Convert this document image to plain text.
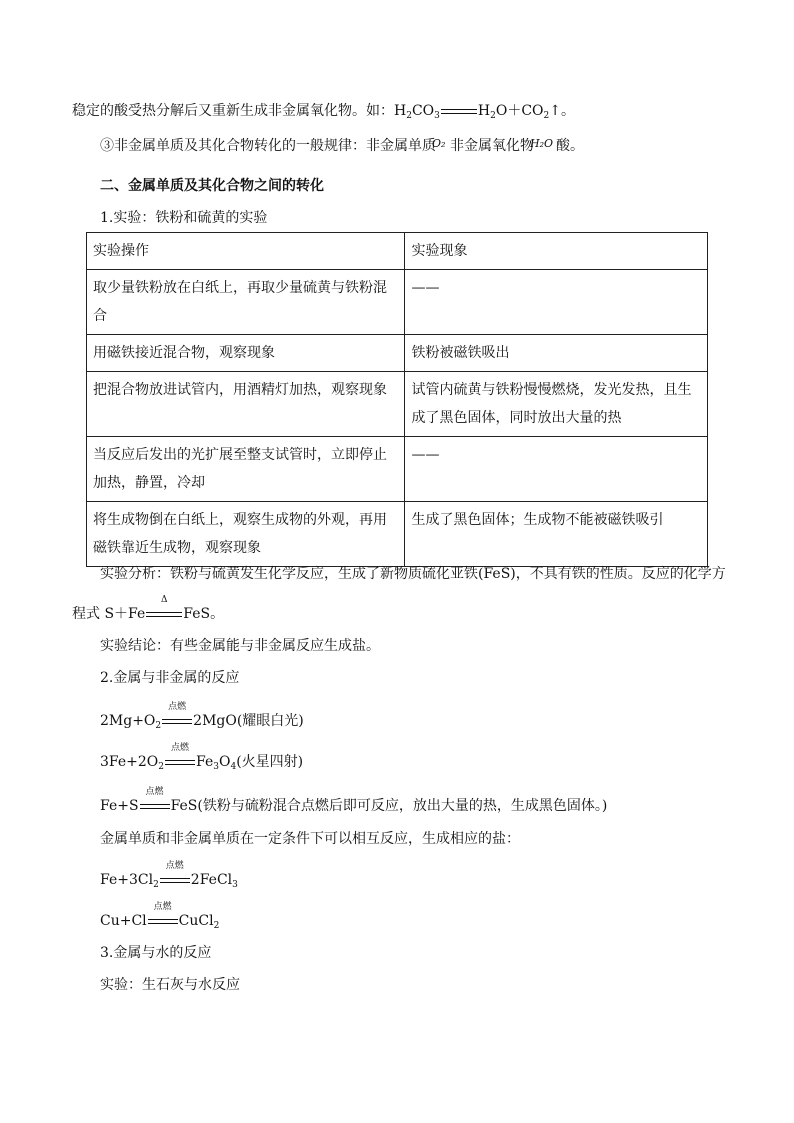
稳定的酸受热分解后又重新生成非金属氧化物。如：$H_2CO_3$	$H_2O+CO_2↑$。
③非金属单质及其化合物转化的一般规律：非金属单质
O₂ 非金属氧化物
H₂O 酸。
二、金属单质及其化合物之间的转化
1.实验：铁粉和硫黄的实验
实验操作	实验现象
取少量铁粉放在白纸上，再取少量硫黄与铁粉混合	——
用磁铁接近混合物，观察现象	铁粉被磁铁吸出
把混合物放进试管内，用酒精灯加热，观察现象	试管内硫黄与铁粉慢慢燃烧，发光发热，且生成了黑色固体，同时放出大量的热
当反应后发出的光扩展至整支试管时，立即停止加热，静置，冷却	——
将生成物倒在白纸上，观察生成物的外观，再用磁铁靠近生成物，观察现象	生成了黑色固体；生成物不能被磁铁吸引
实验分析：铁粉与硫黄发生化学反应，生成了新物质硫化亚铁(FeS)，不具有铁的性质。反应的化学方
程式 S＋Fe
Δ
FeS。
实验结论：有些金属能与非金属反应生成盐。
2.金属与非金属的反应
$2Mg+O_2$
点燃
2MgO(耀眼白光)
$3Fe+2O_2$
点燃
$Fe_3O_4$(火星四射)
Fe+S
点燃
FeS(铁粉与硫粉混合点燃后即可反应，放出大量的热，生成黑色固体。)
金属单质和非金属单质在一定条件下可以相互反应，生成相应的盐：
$Fe+3Cl_2$
点燃
2FeCl$_3$
Cu+Cl
点燃
CuCl$_2$
3.金属与水的反应
实验：生石灰与水反应
